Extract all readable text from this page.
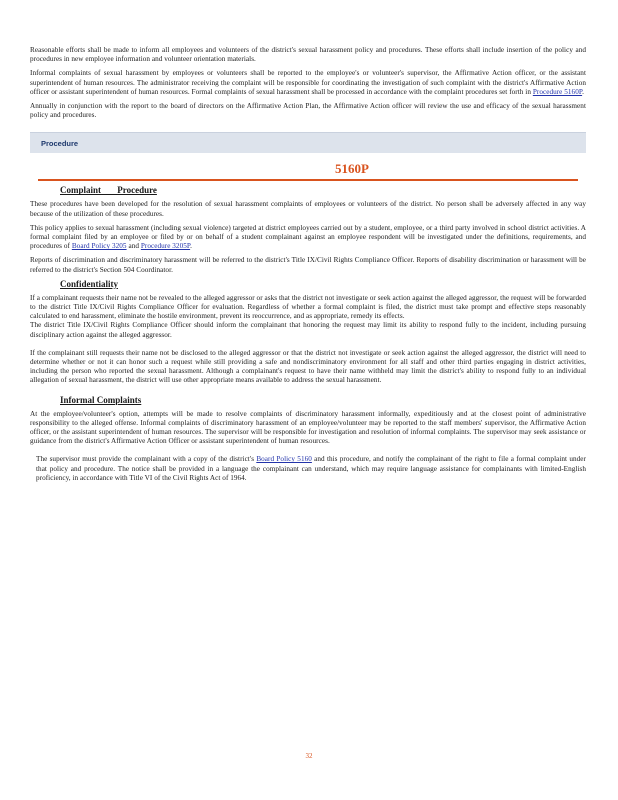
Reasonable efforts shall be made to inform all employees and volunteers of the district's sexual harassment policy and procedures. These efforts shall include insertion of the policy and procedures in new employee information and volunteer orientation materials.

Informal complaints of sexual harassment by employees or volunteers shall be reported to the employee's or volunteer's supervisor, the Affirmative Action officer, or the assistant superintendent of human resources. The administrator receiving the complaint will be responsible for coordinating the investigation of such complaint with the district's Affirmative Action officer or assistant superintendent of human resources. Formal complaints of sexual harassment shall be processed in accordance with the complaint procedures set forth in Procedure 5160P.

Annually in conjunction with the report to the board of directors on the Affirmative Action Plan, the Affirmative Action officer will review the use and efficacy of the sexual harassment policy and procedures.

Procedure
5160P
Complaint Procedure

These procedures have been developed for the resolution of sexual harassment complaints of employees or volunteers of the district. No person shall be adversely affected in any way because of the utilization of these procedures.

This policy applies to sexual harassment (including sexual violence) targeted at district employees carried out by a student, employee, or a third party involved in school district activities. A formal complaint filed by an employee or filed by or on behalf of a student complainant against an employee respondent will be investigated under the definitions, requirements, and procedures of Board Policy 3205 and Procedure 3205P.

Reports of discrimination and discriminatory harassment will be referred to the district's Title IX/Civil Rights Compliance Officer. Reports of disability discrimination or harassment will be referred to the district's Section 504 Coordinator.

Confidentiality

If a complainant requests their name not be revealed to the alleged aggressor or asks that the district not investigate or seek action against the alleged aggressor, the request will be forwarded to the district Title IX/Civil Rights Compliance Officer for evaluation. Regardless of whether a formal complaint is filed, the district must take prompt and effective steps reasonably calculated to end harassment, eliminate the hostile environment, prevent its reoccurrence, and as appropriate, remedy its effects.

The district Title IX/Civil Rights Compliance Officer should inform the complainant that honoring the request may limit its ability to respond fully to the incident, including pursuing disciplinary action against the alleged aggressor.

If the complainant still requests their name not be disclosed to the alleged aggressor or that the district not investigate or seek action against the alleged aggressor, the district will need to determine whether or not it can honor such a request while still providing a safe and nondiscriminatory environment for all staff and other third parties engaging in district activities, including the person who reported the sexual harassment. Although a complainant's request to have their name withheld may limit the district's ability to respond fully to an individual allegation of sexual harassment, the district will use other appropriate means available to address the sexual harassment.

Informal Complaints

At the employee/volunteer's option, attempts will be made to resolve complaints of discriminatory harassment informally, expeditiously and at the closest point of administrative responsibility to the alleged offense. Informal complaints of discriminatory harassment of an employee/volunteer may be reported to the staff members' supervisor, the Affirmative Action officer, or the assistant superintendent of human resources. The supervisor will be responsible for investigation and resolution of informal complaints. The supervisor may seek assistance or guidance from the district's Affirmative Action Officer or assistant superintendent of human resources.

The supervisor must provide the complainant with a copy of the district's Board Policy 5160 and this procedure, and notify the complainant of the right to file a formal complaint under that policy and procedure. The notice shall be provided in a language the complainant can understand, which may require language assistance for complainants with limited-English proficiency, in accordance with Title VI of the Civil Rights Act of 1964.

32
